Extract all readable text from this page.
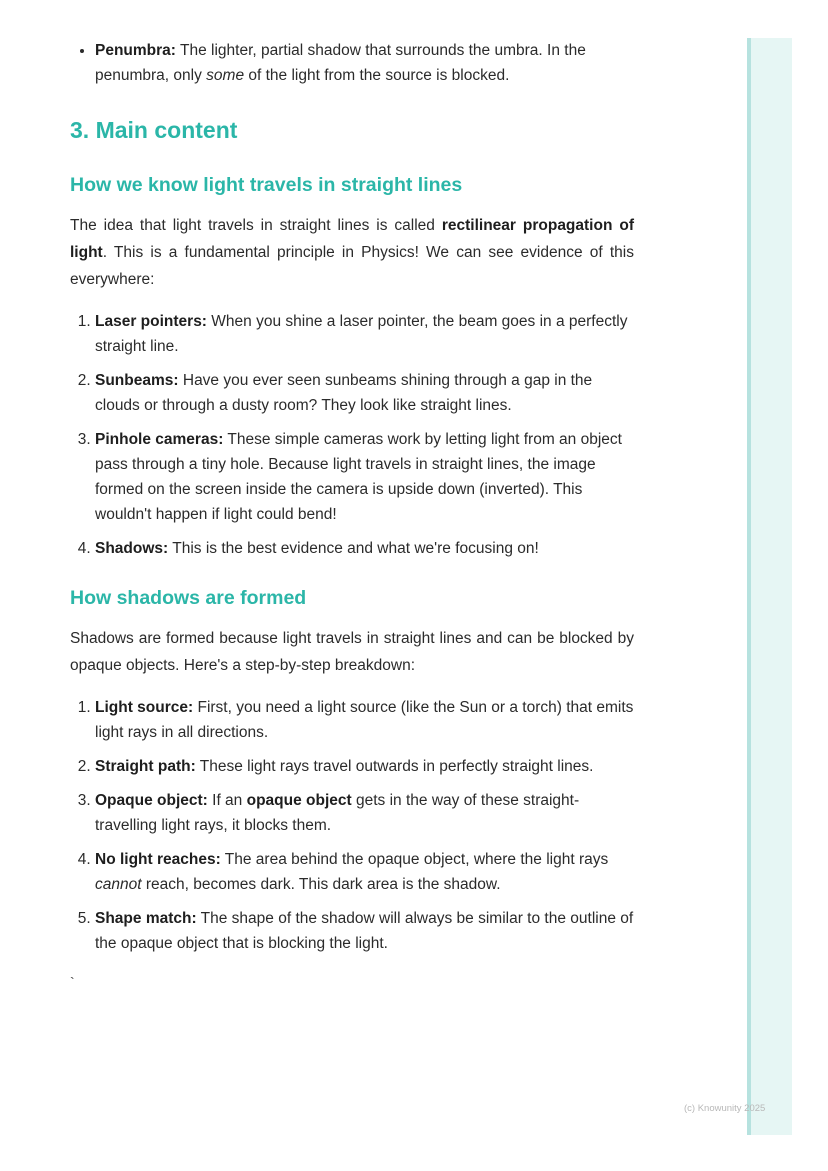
• Penumbra: The lighter, partial shadow that surrounds the umbra. In the penumbra, only some of the light from the source is blocked.
3. Main content
How we know light travels in straight lines

The idea that light travels in straight lines is called rectilinear propagation of light. This is a fundamental principle in Physics! We can see evidence of this everywhere:

1. Laser pointers: When you shine a laser pointer, the beam goes in a perfectly straight line.
2. Sunbeams: Have you ever seen sunbeams shining through a gap in the clouds or through a dusty room? They look like straight lines.
3. Pinhole cameras: These simple cameras work by letting light from an object pass through a tiny hole. Because light travels in straight lines, the image formed on the screen inside the camera is upside down (inverted). This wouldn't happen if light could bend!
4. Shadows: This is the best evidence and what we're focusing on!
How shadows are formed

Shadows are formed because light travels in straight lines and can be blocked by opaque objects. Here's a step-by-step breakdown:

1. Light source: First, you need a light source (like the Sun or a torch) that emits light rays in all directions.
2. Straight path: These light rays travel outwards in perfectly straight lines.
3. Opaque object: If an opaque object gets in the way of these straight-travelling light rays, it blocks them.
4. No light reaches: The area behind the opaque object, where the light rays cannot reach, becomes dark. This dark area is the shadow.
5. Shape match: The shape of the shadow will always be similar to the outline of the opaque object that is blocking the light.
`
(c) Knowunity 2025
